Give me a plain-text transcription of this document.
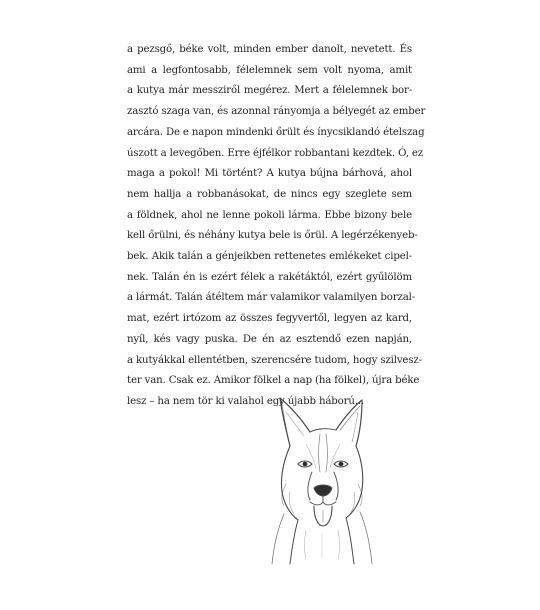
a pezsgő, béke volt, minden ember danolt, nevetett. És
ami a legfontosabb, félelemnek sem volt nyoma, amit
a kutya már messziről megérez. Mert a félelemnek bor-
zasztó szaga van, és azonnal rányomja a bélyegét az ember
arcára. De e napon mindenki őrült és ínycsiklandó ételszag
úszott a levegőben. Erre éjfélkor robbantani kezdtek. Ó, ez
maga a pokol! Mi történt? A kutya bújna bárhová, ahol
nem hallja a robbanásokat, de nincs egy szeglete sem
a földnek, ahol ne lenne pokoli lárma. Ebbe bizony bele
kell őrülni, és néhány kutya bele is őrül. A legérzékenyeb-
bek. Akik talán a génjeikben rettenetes emlékeket cipel-
nek. Talán én is ezért félek a rakétáktól, ezért gyűlölöm
a lármát. Talán átéltem már valamikor valamilyen borzal-
mat, ezért irtózom az összes fegyvertől, legyen az kard,
nyíl, kés vagy puska. De én az esztendő ezen napján,
a kutyákkal ellentétben, szerencsére tudom, hogy szilvesz-
ter van. Csak ez. Amikor fölkel a nap (ha fölkel), újra béke
lesz – ha nem tör ki valahol egy újabb háború...
